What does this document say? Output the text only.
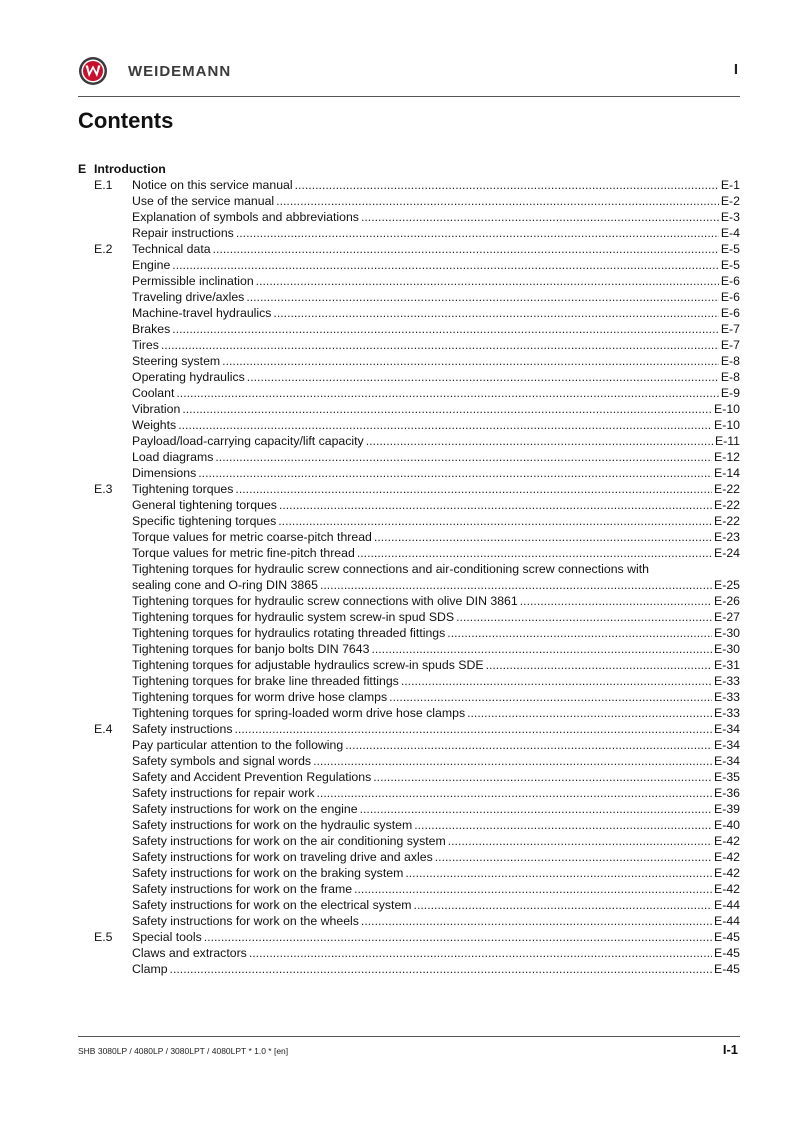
WEIDEMANN	I
Contents
E Introduction
E.1	Notice on this service manual .....	E-1
Use of the service manual .....	E-2
Explanation of symbols and abbreviations .....	E-3
Repair instructions .....	E-4
E.2	Technical data .....	E-5
Engine .....	E-5
Permissible inclination .....	E-6
Traveling drive/axles .....	E-6
Machine-travel hydraulics .....	E-6
Brakes .....	E-7
Tires .....	E-7
Steering system .....	E-8
Operating hydraulics .....	E-8
Coolant .....	E-9
Vibration .....	E-10
Weights .....	E-10
Payload/load-carrying capacity/lift capacity .....	E-11
Load diagrams .....	E-12
Dimensions .....	E-14
E.3	Tightening torques .....	E-22
General tightening torques .....	E-22
Specific tightening torques .....	E-22
Torque values for metric coarse-pitch thread .....	E-23
Torque values for metric fine-pitch thread .....	E-24
Tightening torques for hydraulic screw connections and air-conditioning screw connections with
sealing cone and O-ring DIN 3865 .....	E-25
Tightening torques for hydraulic screw connections with olive DIN 3861 .....	E-26
Tightening torques for hydraulic system screw-in spud SDS .....	E-27
Tightening torques for hydraulics rotating threaded fittings .....	E-30
Tightening torques for banjo bolts DIN 7643 .....	E-30
Tightening torques for adjustable hydraulics screw-in spuds SDE .....	E-31
Tightening torques for brake line threaded fittings .....	E-33
Tightening torques for worm drive hose clamps .....	E-33
Tightening torques for spring-loaded worm drive hose clamps .....	E-33
E.4	Safety instructions .....	E-34
Pay particular attention to the following .....	E-34
Safety symbols and signal words .....	E-34
Safety and Accident Prevention Regulations .....	E-35
Safety instructions for repair work .....	E-36
Safety instructions for work on the engine .....	E-39
Safety instructions for work on the hydraulic system .....	E-40
Safety instructions for work on the air conditioning system .....	E-42
Safety instructions for work on traveling drive and axles .....	E-42
Safety instructions for work on the braking system .....	E-42
Safety instructions for work on the frame .....	E-42
Safety instructions for work on the electrical system .....	E-44
Safety instructions for work on the wheels .....	E-44
E.5	Special tools .....	E-45
Claws and extractors .....	E-45
Clamp .....	E-45
SHB 3080LP / 4080LP / 3080LPT / 4080LPT * 1.0 * [en]	I-1
